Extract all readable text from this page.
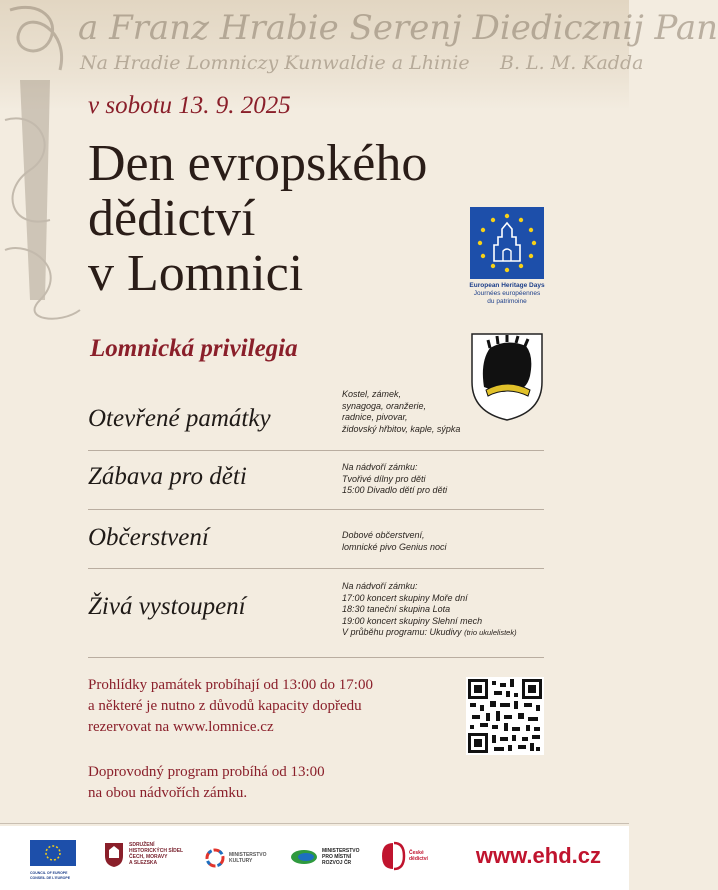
a Franz Hrabie Serenj Diedicznij Pan
Na Hradie Lomniczy Kunwaldie a Lhinie B. L. M. Kadda
v sobotu 13. 9. 2025
Den evropského
dědictví
v Lomnici
Lomnická privilegia
European Heritage Days
Journées européennes
du patrimoine
Otevřené památky
Kostel, zámek,
synagoga, oranžerie,
radnice, pivovar,
židovský hřbitov, kaple, sýpka
Zábava pro děti	Na nádvoří zámku:
Tvořivé dílny pro děti
15:00 Divadlo dětí pro děti
Občerstvení	Dobové občerstvení,
lomnické pivo Genius noci
Živá vystoupení
Na nádvoří zámku:
17:00 koncert skupiny Moře dní
18:30 taneční skupina Lota
19:00 koncert skupiny Slehní mech
V průběhu programu: Ukudivy (trio ukulelistek)
Prohlídky památek probíhají od 13:00 do 17:00
a některé je nutno z důvodů kapacity dopředu
rezervovat na www.lomnice.cz
Doprovodný program probíhá od 13:00
na obou nádvořích zámku.
COUNCIL OF EUROPE
CONSEIL DE L'EUROPE
SDRUŽENÍ
HISTORICKÝCH SÍDEL
ČECH, MORAVY
A SLEZSKA
MINISTERSTVO
KULTURY
MINISTERSTVO
PRO MÍSTNÍ
ROZVOJ ČR
České
dědictví www.ehd.cz
